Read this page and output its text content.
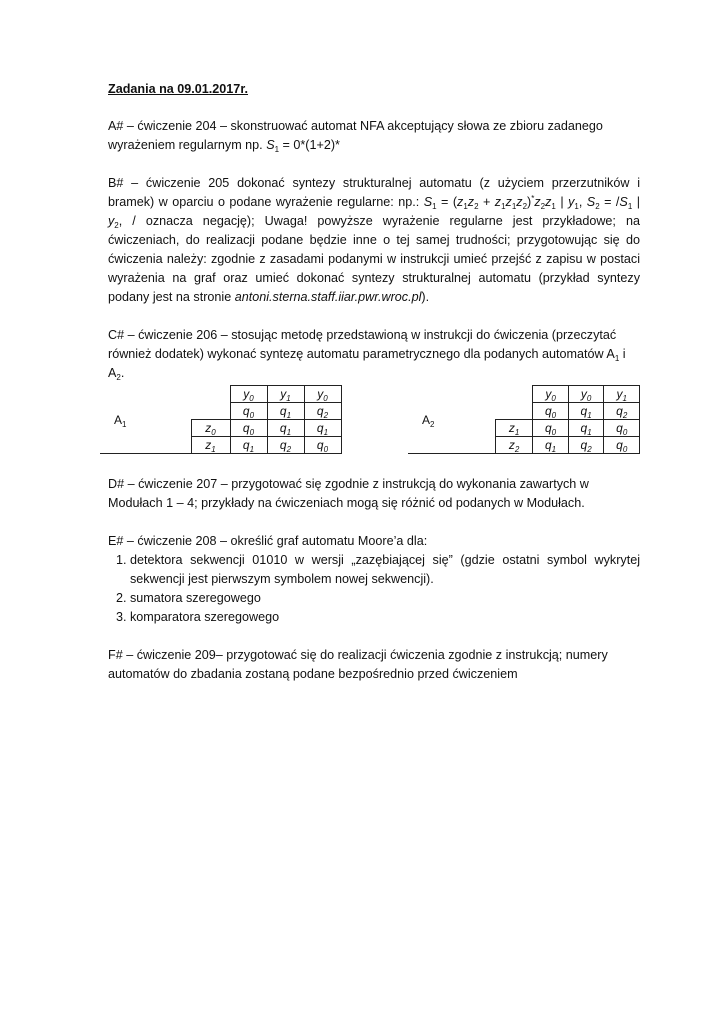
Zadania na 09.01.2017r.

A# – ćwiczenie 204 – skonstruować automat NFA akceptujący słowa ze zbioru zadanego wyrażeniem regularnym np. $S_1 = 0*(1+2)*$

B# – ćwiczenie 205 dokonać syntezy strukturalnej automatu (z użyciem przerzutników i bramek) w oparciu o podane wyrażenie regularne: np.: $S_1 = (z_1z_2 + z_1z_1z_2)^*z_2z_1$ | $y_1$, $S_2 = /S_1$ | $y_2$, / oznacza negację); Uwaga! powyższe wyrażenie regularne jest przykładowe; na ćwiczeniach, do realizacji podane będzie inne o tej samej trudności; przygotowując się do ćwiczenia należy: zgodnie z zasadami podanymi w instrukcji umieć przejść z zapisu w postaci wyrażenia na graf oraz umieć dokonać syntezy strukturalnej automatu (przykład syntezy podany jest na stronie antoni.sterna.staff.iiar.pwr.wroc.pl).

C# – ćwiczenie 206 – stosując metodę przedstawioną w instrukcji do ćwiczenia (przeczytać również dodatek) wykonać syntezę automatu parametrycznego dla podanych automatów $A_1$ i $A_2$.

			$y_0$	$y_1$	$y_0$
$A_1$			$q_0$	$q_1$	$q_2$
		$z_0$	$q_0$	$q_1$	$q_1$
		$z_1$	$q_1$	$q_2$	$q_0$
			$y_0$	$y_0$	$y_1$
$A_2$			$q_0$	$q_1$	$q_2$
		$z_1$	$q_0$	$q_1$	$q_0$
		$z_2$	$q_1$	$q_2$	$q_0$

D# – ćwiczenie 207 – przygotować się zgodnie z instrukcją do wykonania zawartych w Modułach 1 – 4; przykłady na ćwiczeniach mogą się różnić od podanych w Modułach.

E# – ćwiczenie 208 – określić graf automatu Moore’a dla:

1. detektora sekwencji 01010 w wersji „zazębiającej się” (gdzie ostatni symbol wykrytej sekwencji jest pierwszym symbolem nowej sekwencji).
2. sumatora szeregowego
3. komparatora szeregowego

F# – ćwiczenie 209– przygotować się do realizacji ćwiczenia zgodnie z instrukcją; numery automatów do zbadania zostaną podane bezpośrednio przed ćwiczeniem
